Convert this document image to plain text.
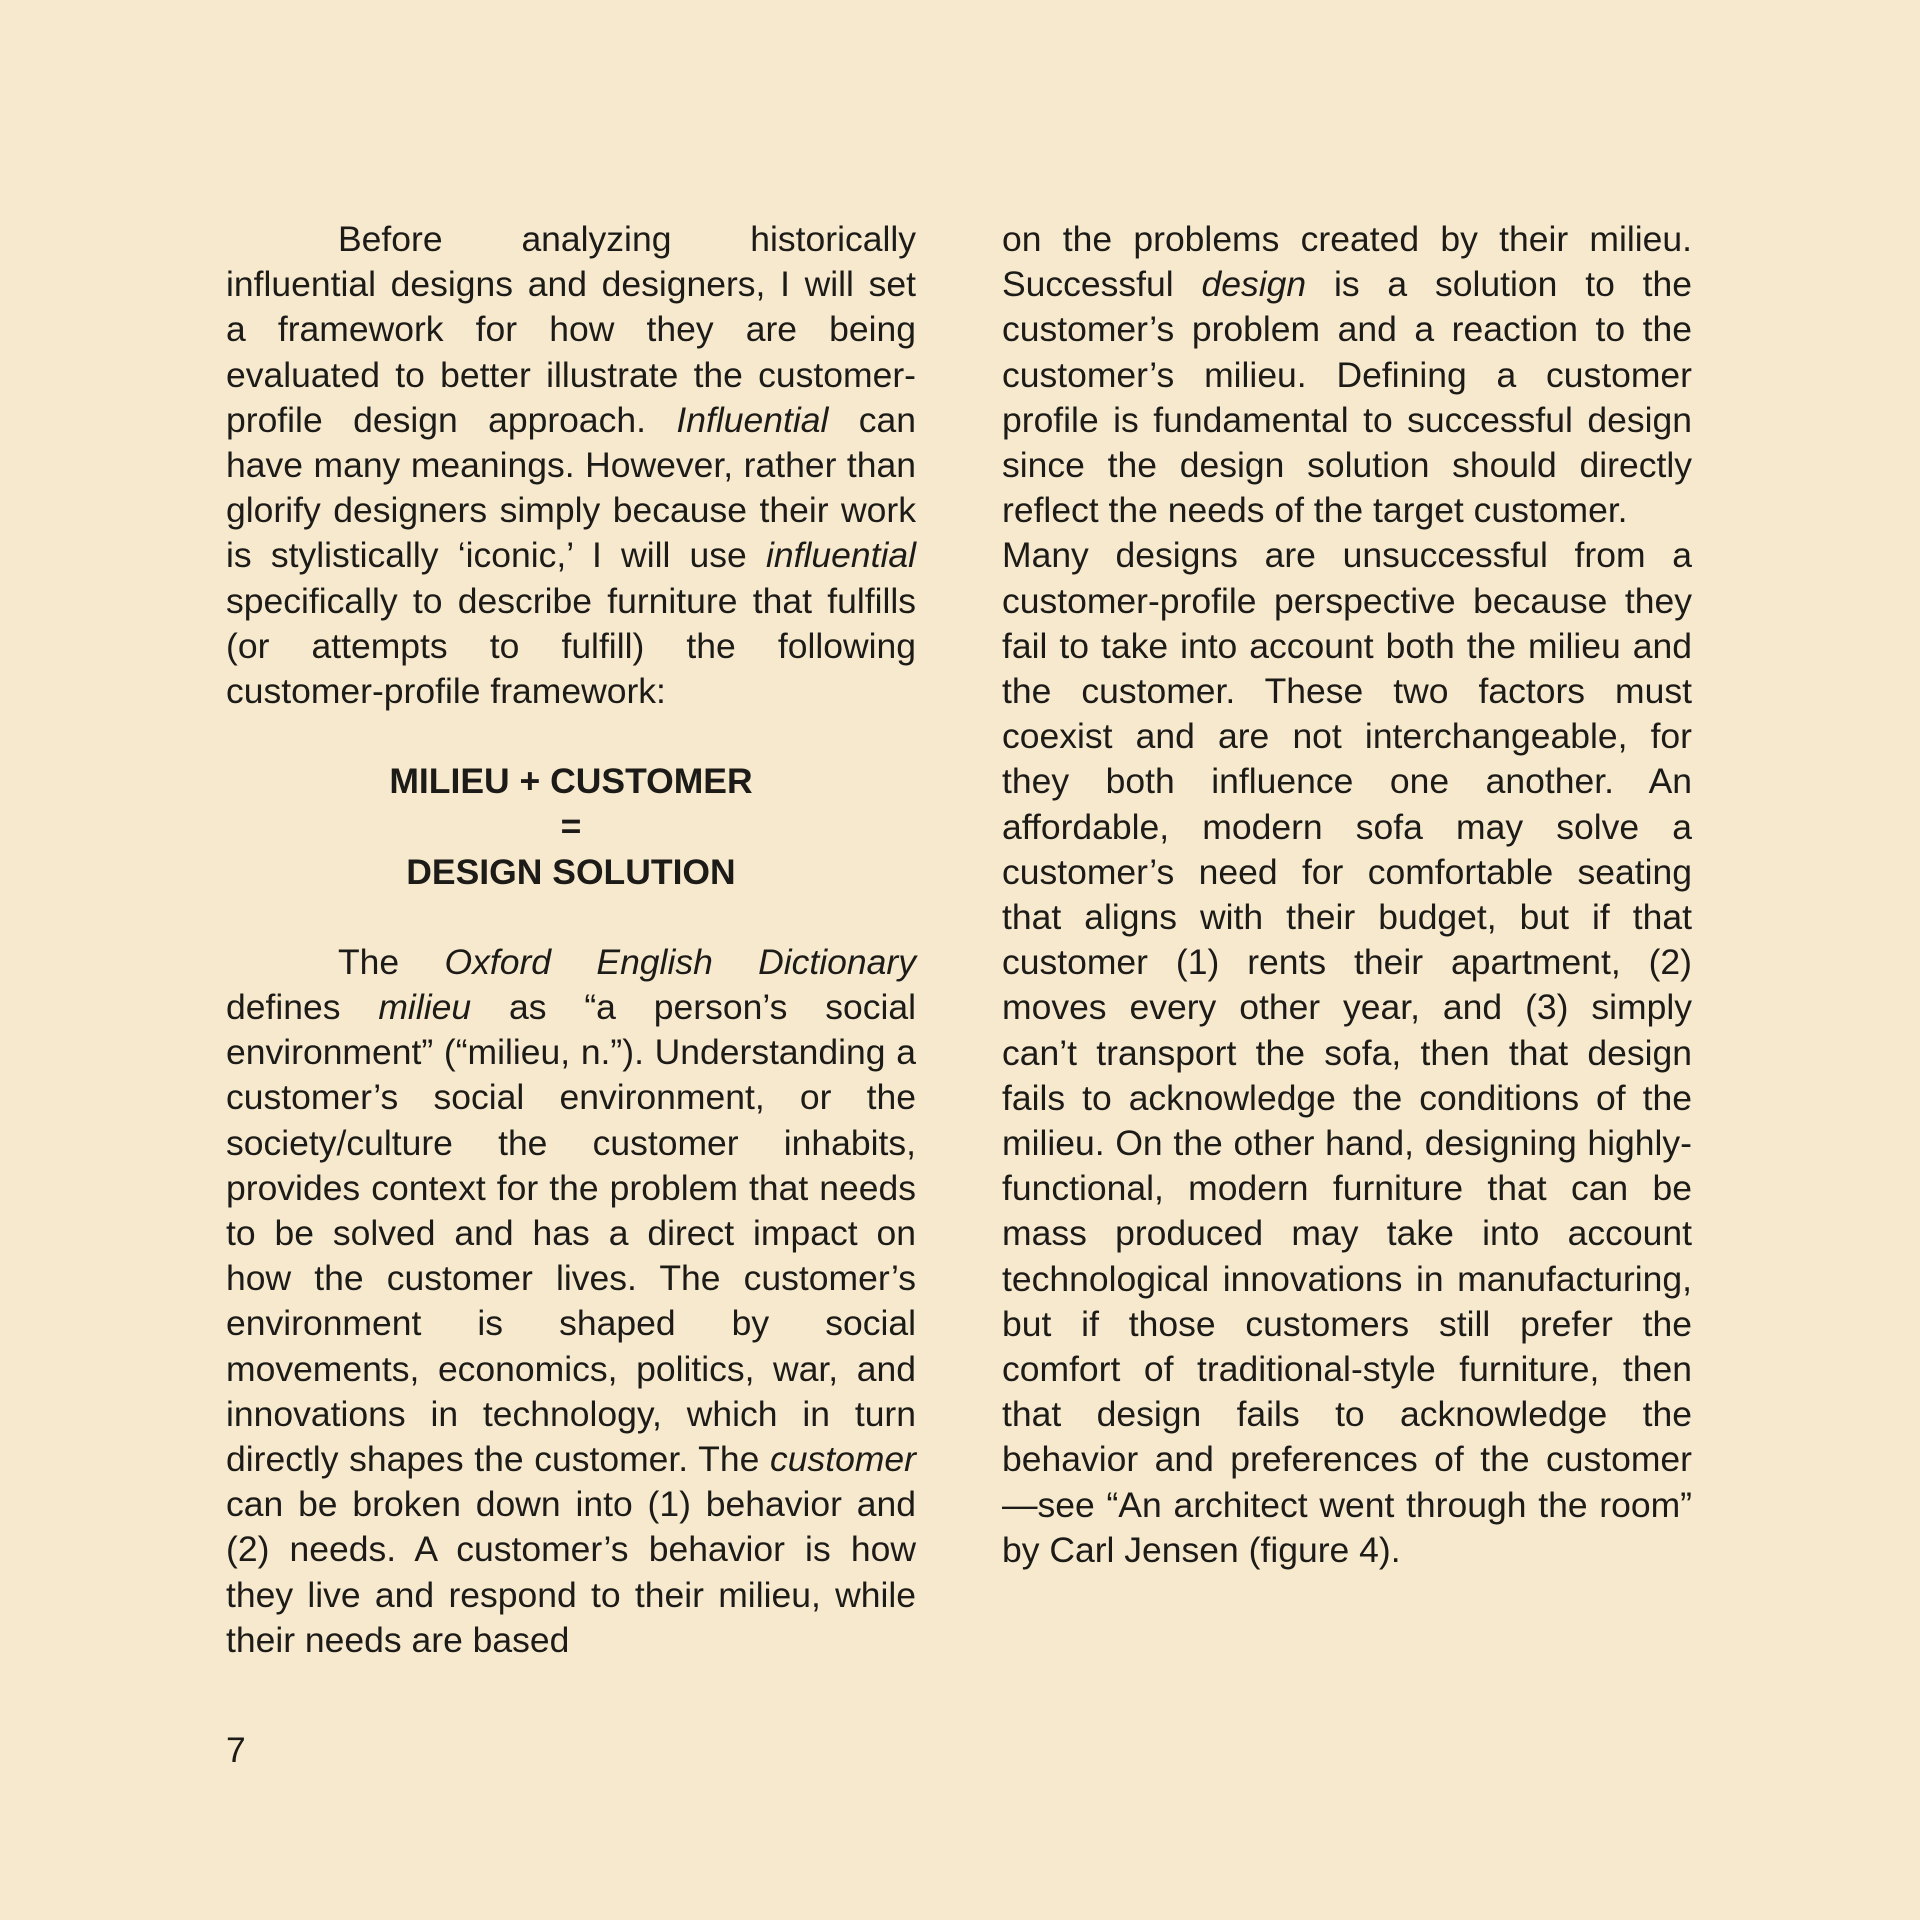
Before analyzing historically influential designs and designers, I will set a framework for how they are being evaluated to better illustrate the customer-profile design approach. Influential can have many meanings. However, rather than glorify designers simply because their work is stylistically ‘iconic,’ I will use influential specifically to describe furniture that fulfills (or attempts to fulfill) the following customer-profile framework:

MILIEU + CUSTOMER
=
DESIGN SOLUTION

The Oxford English Dictionary defines milieu as “a person’s social environment” (“milieu, n.”). Understanding a customer’s social environment, or the society/culture the customer inhabits, provides context for the problem that needs to be solved and has a direct impact on how the customer lives. The customer’s environment is shaped by social movements, economics, politics, war, and innovations in technology, which in turn directly shapes the customer. The customer can be broken down into (1) behavior and (2) needs. A customer’s behavior is how they live and respond to their milieu, while their needs are based

on the problems created by their milieu. Successful design is a solution to the customer’s problem and a reaction to the customer’s milieu. Defining a customer profile is fundamental to successful design since the design solution should directly reflect the needs of the target customer.

Many designs are unsuccessful from a customer-profile perspective because they fail to take into account both the milieu and the customer. These two factors must coexist and are not interchangeable, for they both influence one another. An affordable, modern sofa may solve a customer’s need for comfortable seating that aligns with their budget, but if that customer (1) rents their apartment, (2) moves every other year, and (3) simply can’t transport the sofa, then that design fails to acknowledge the conditions of the milieu. On the other hand, designing highly-functional, modern furniture that can be mass produced may take into account technological innovations in manufacturing, but if those customers still prefer the comfort of traditional-style furniture, then that design fails to acknowledge the behavior and preferences of the customer—see “An architect went through the room” by Carl Jensen (figure 4).

7
